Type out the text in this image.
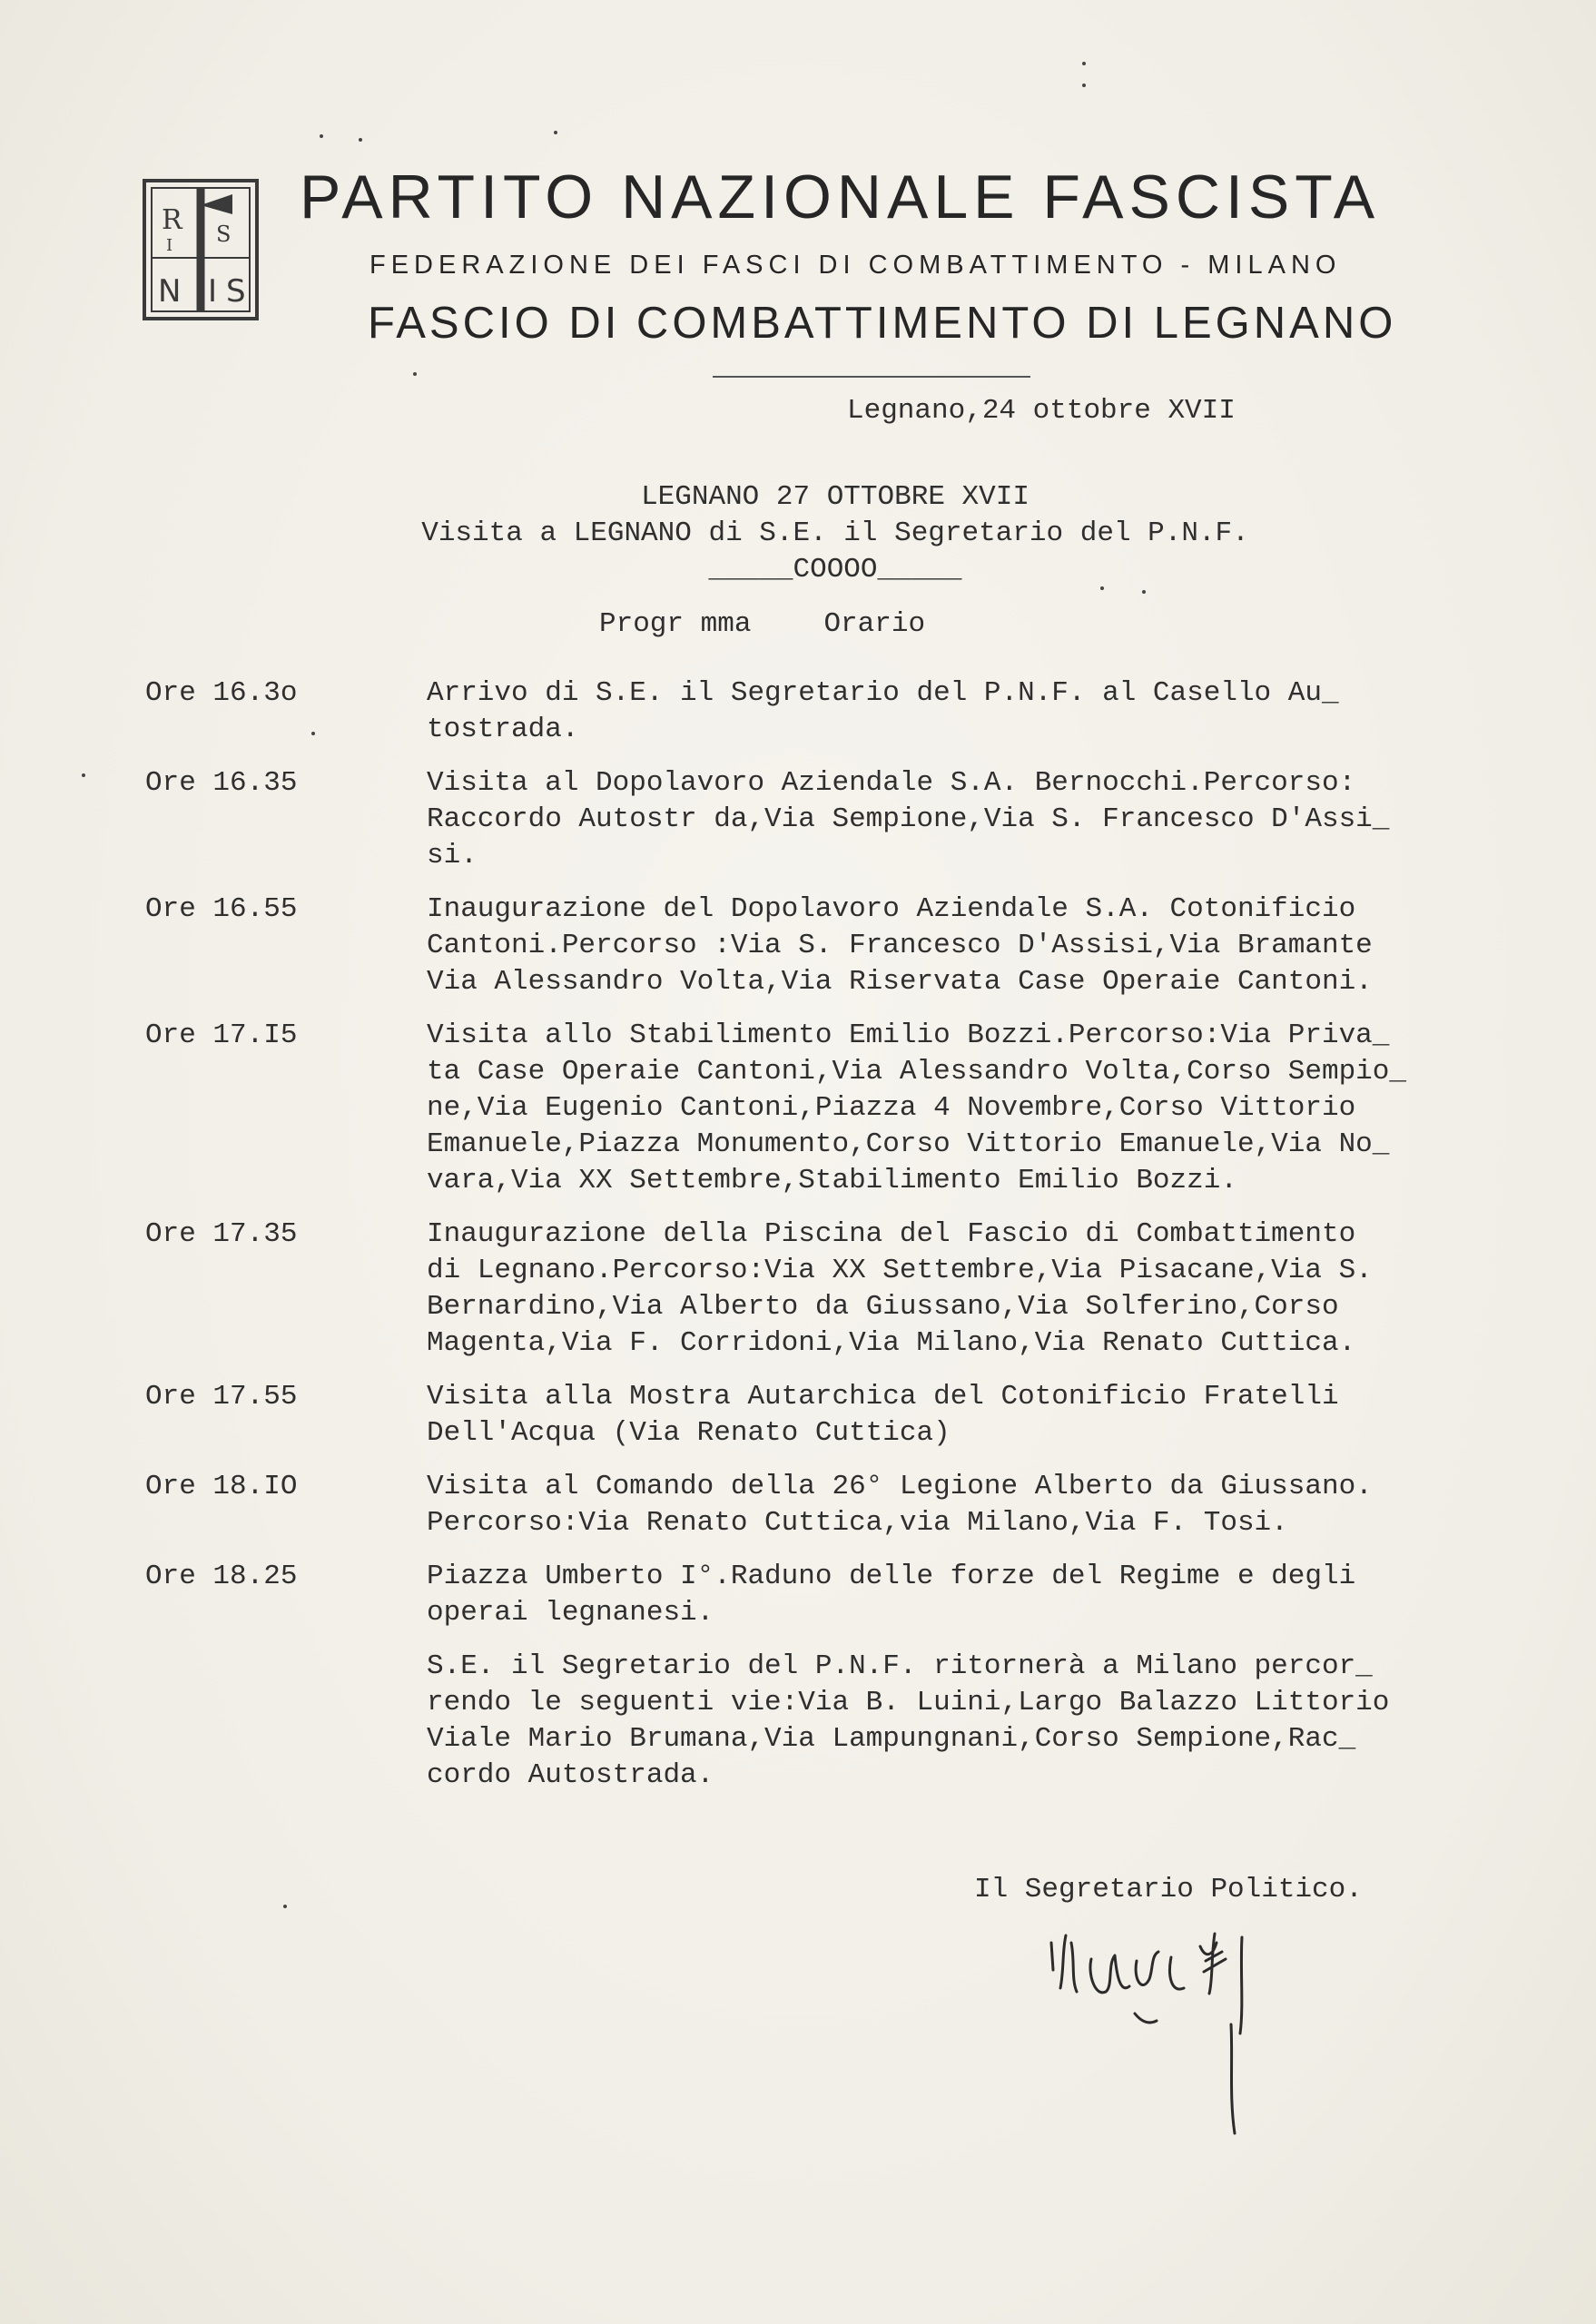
R S
I
N I S
PARTITO NAZIONALE FASCISTA
FEDERAZIONE DEI FASCI DI COMBATTIMENTO - MILANO
FASCIO DI COMBATTIMENTO DI LEGNANO
Legnano,24 ottobre XVII
LEGNANO 27 OTTOBRE XVII
Visita a LEGNANO di S.E. il Segretario del P.N.F.
_____COOOO_____
Progr mma	Orario
Ore 16.3o	Arrivo di S.E. il Segretario del P.N.F. al Casello Au_
tostrada.
Ore 16.35	Visita al Dopolavoro Aziendale S.A. Bernocchi.Percorso:
Raccordo Autostr da,Via Sempione,Via S. Francesco D'Assi_
si.
Ore 16.55	Inaugurazione del Dopolavoro Aziendale S.A. Cotonificio
Cantoni.Percorso :Via S. Francesco D'Assisi,Via Bramante
Via Alessandro Volta,Via Riservata Case Operaie Cantoni.
Ore 17.I5	Visita allo Stabilimento Emilio Bozzi.Percorso:Via Priva_
ta Case Operaie Cantoni,Via Alessandro Volta,Corso Sempio_
ne,Via Eugenio Cantoni,Piazza 4 Novembre,Corso Vittorio
Emanuele,Piazza Monumento,Corso Vittorio Emanuele,Via No_
vara,Via XX Settembre,Stabilimento Emilio Bozzi.
Ore 17.35	Inaugurazione della Piscina del Fascio di Combattimento
di Legnano.Percorso:Via XX Settembre,Via Pisacane,Via S.
Bernardino,Via Alberto da Giussano,Via Solferino,Corso
Magenta,Via F. Corridoni,Via Milano,Via Renato Cuttica.
Ore 17.55	Visita alla Mostra Autarchica del Cotonificio Fratelli
Dell'Acqua (Via Renato Cuttica)
Ore 18.IO	Visita al Comando della 26° Legione Alberto da Giussano.
Percorso:Via Renato Cuttica,via Milano,Via F. Tosi.
Ore 18.25	Piazza Umberto I°.Raduno delle forze del Regime e degli
operai legnanesi.
S.E. il Segretario del P.N.F. ritornerà a Milano percor_
rendo le seguenti vie:Via B. Luini,Largo Balazzo Littorio
Viale Mario Brumana,Via Lampungnani,Corso Sempione,Rac_
cordo Autostrada.
Il Segretario Politico.
